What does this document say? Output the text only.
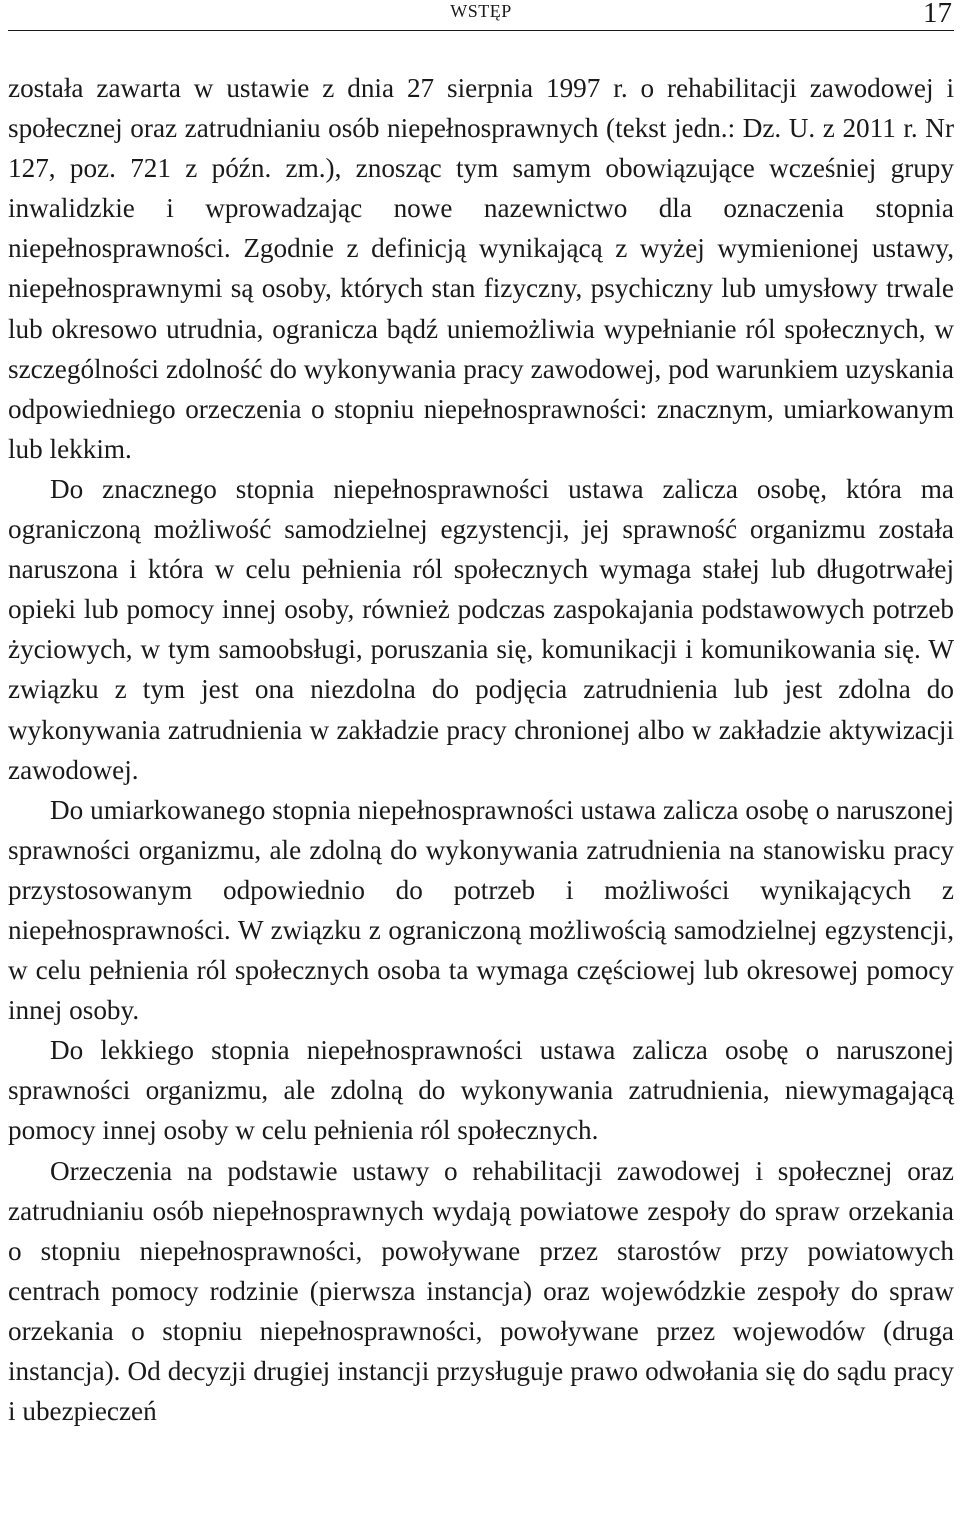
WSTĘP	17

została zawarta w ustawie z dnia 27 sierpnia 1997 r. o rehabilitacji zawodowej i społecznej oraz zatrudnianiu osób niepełnosprawnych (tekst jedn.: Dz. U. z 2011 r. Nr 127, poz. 721 z późn. zm.), znosząc tym samym obowiązujące wcześniej grupy inwalidzkie i wprowadzając nowe nazewnictwo dla oznaczenia stopnia niepełnosprawności. Zgodnie z definicją wynikającą z wyżej wymienionej ustawy, niepełnosprawnymi są osoby, których stan fizyczny, psychiczny lub umysłowy trwale lub okresowo utrudnia, ogranicza bądź uniemożliwia wypełnianie ról społecznych, w szczególności zdolność do wykonywania pracy zawodowej, pod warunkiem uzyskania odpowiedniego orzeczenia o stopniu niepełnosprawności: znacznym, umiarkowanym lub lekkim.

Do znacznego stopnia niepełnosprawności ustawa zalicza osobę, która ma ograniczoną możliwość samodzielnej egzystencji, jej sprawność organizmu została naruszona i która w celu pełnienia ról społecznych wymaga stałej lub długotrwałej opieki lub pomocy innej osoby, również podczas zaspokajania podstawowych potrzeb życiowych, w tym samoobsługi, poruszania się, komunikacji i komunikowania się. W związku z tym jest ona niezdolna do podjęcia zatrudnienia lub jest zdolna do wykonywania zatrudnienia w zakładzie pracy chronionej albo w zakładzie aktywizacji zawodowej.

Do umiarkowanego stopnia niepełnosprawności ustawa zalicza osobę o naruszonej sprawności organizmu, ale zdolną do wykonywania zatrudnienia na stanowisku pracy przystosowanym odpowiednio do potrzeb i możliwości wynikających z niepełnosprawności. W związku z ograniczoną możliwością samodzielnej egzystencji, w celu pełnienia ról społecznych osoba ta wymaga częściowej lub okresowej pomocy innej osoby.

Do lekkiego stopnia niepełnosprawności ustawa zalicza osobę o naruszonej sprawności organizmu, ale zdolną do wykonywania zatrudnienia, niewymagającą pomocy innej osoby w celu pełnienia ról społecznych.

Orzeczenia na podstawie ustawy o rehabilitacji zawodowej i społecznej oraz zatrudnianiu osób niepełnosprawnych wydają powiatowe zespoły do spraw orzekania o stopniu niepełnosprawności, powoływane przez starostów przy powiatowych centrach pomocy rodzinie (pierwsza instancja) oraz wojewódzkie zespoły do spraw orzekania o stopniu niepełnosprawności, powoływane przez wojewodów (druga instancja). Od decyzji drugiej instancji przysługuje prawo odwołania się do sądu pracy i ubezpieczeń
